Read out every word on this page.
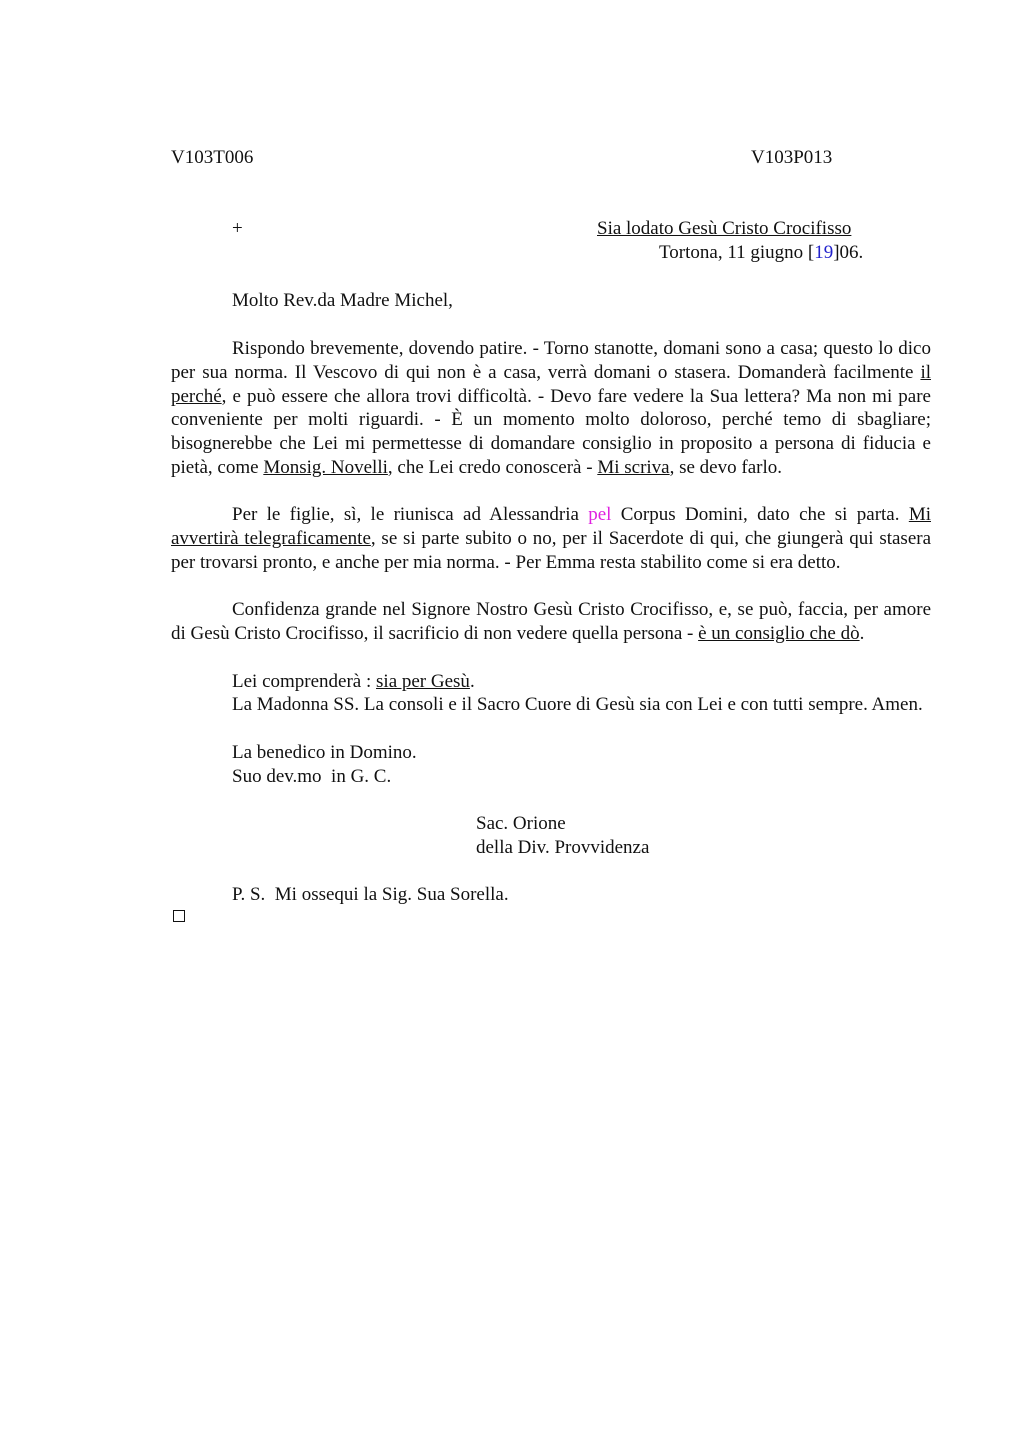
V103T006	V103P013
+	Sia lodato Gesù Cristo Crocifisso
Tortona, 11 giugno [19]06.
Molto Rev.da Madre Michel,
Rispondo brevemente, dovendo patire. - Torno stanotte, domani sono a casa; questo lo dico per sua norma. Il Vescovo di qui non è a casa, verrà domani o stasera. Domanderà facilmente il perché, e può essere che allora trovi difficoltà. - Devo fare vedere la Sua lettera? Ma non mi pare conveniente per molti riguardi. - È un momento molto doloroso, perché temo di sbagliare; bisognerebbe che Lei mi permettesse di domandare consiglio in proposito a persona di fiducia e pietà, come Monsig. Novelli, che Lei credo conoscerà - Mi scriva, se devo farlo.
Per le figlie, sì, le riunisca ad Alessandria pel Corpus Domini, dato che si parta. Mi avvertirà telegraficamente, se si parte subito o no, per il Sacerdote di qui, che giungerà qui stasera per trovarsi pronto, e anche per mia norma. - Per Emma resta stabilito come si era detto.
Confidenza grande nel Signore Nostro Gesù Cristo Crocifisso, e, se può, faccia, per amore di Gesù Cristo Crocifisso, il sacrificio di non vedere quella persona - è un consiglio che dò.
Lei comprenderà : sia per Gesù.
La Madonna SS. La consoli e il Sacro Cuore di Gesù sia con Lei e con tutti sempre. Amen.
La benedico in Domino.
Suo dev.mo  in G. C.
Sac. Orione
della Div. Provvidenza
P. S.  Mi ossequi la Sig. Sua Sorella.
